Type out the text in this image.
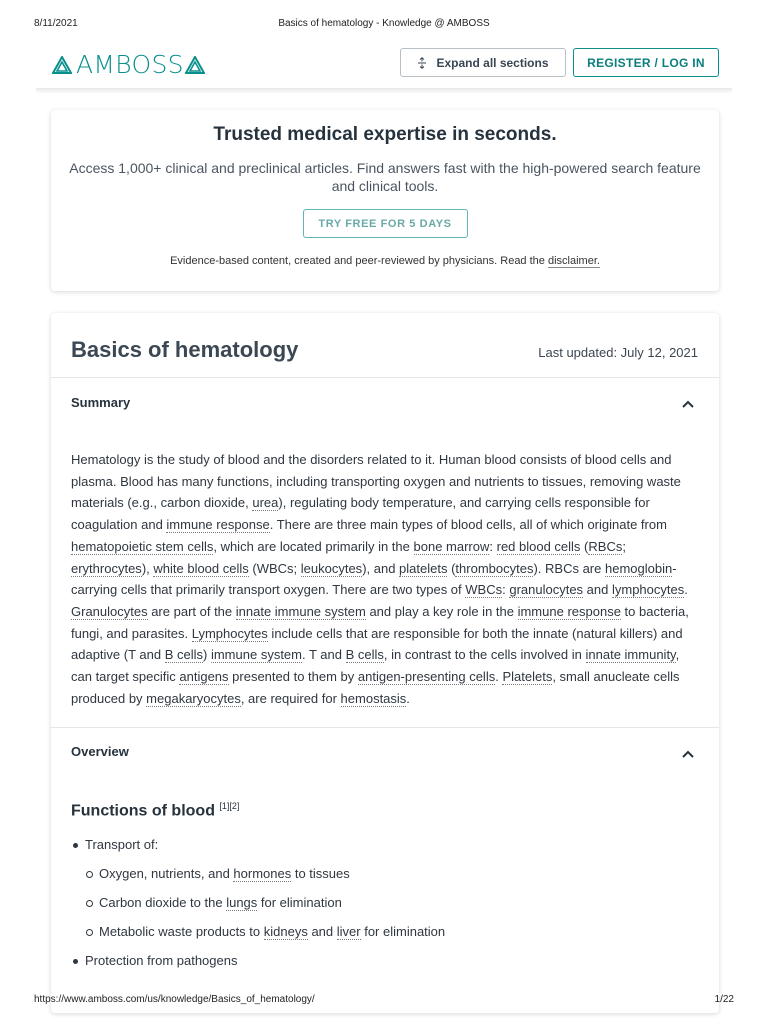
8/11/2021	Basics of hematology - Knowledge @ AMBOSS
AMBOSS	Expand all sections	REGISTER / LOG IN
Trusted medical expertise in seconds.

Access 1,000+ clinical and preclinical articles. Find answers fast with the high-powered search feature and clinical tools.

TRY FREE FOR 5 DAYS

Evidence-based content, created and peer-reviewed by physicians. Read the disclaimer.

Basics of hematology	Last updated: July 12, 2021
Summary
Hematology is the study of blood and the disorders related to it. Human blood consists of blood cells and plasma. Blood has many functions, including transporting oxygen and nutrients to tissues, removing waste materials (e.g., carbon dioxide, urea), regulating body temperature, and carrying cells responsible for coagulation and immune response. There are three main types of blood cells, all of which originate from hematopoietic stem cells, which are located primarily in the bone marrow: red blood cells (RBCs; erythrocytes), white blood cells (WBCs; leukocytes), and platelets (thrombocytes). RBCs are hemoglobin-carrying cells that primarily transport oxygen. There are two types of WBCs: granulocytes and lymphocytes. Granulocytes are part of the innate immune system and play a key role in the immune response to bacteria, fungi, and parasites. Lymphocytes include cells that are responsible for both the innate (natural killers) and adaptive (T and B cells) immune system. T and B cells, in contrast to the cells involved in innate immunity, can target specific antigens presented to them by antigen-presenting cells. Platelets, small anucleate cells produced by megakaryocytes, are required for hemostasis.
Overview
Functions of blood [1][2]
Transport of:
Oxygen, nutrients, and hormones to tissues
Carbon dioxide to the lungs for elimination
Metabolic waste products to kidneys and liver for elimination
Protection from pathogens
https://www.amboss.com/us/knowledge/Basics_of_hematology/	1/22
